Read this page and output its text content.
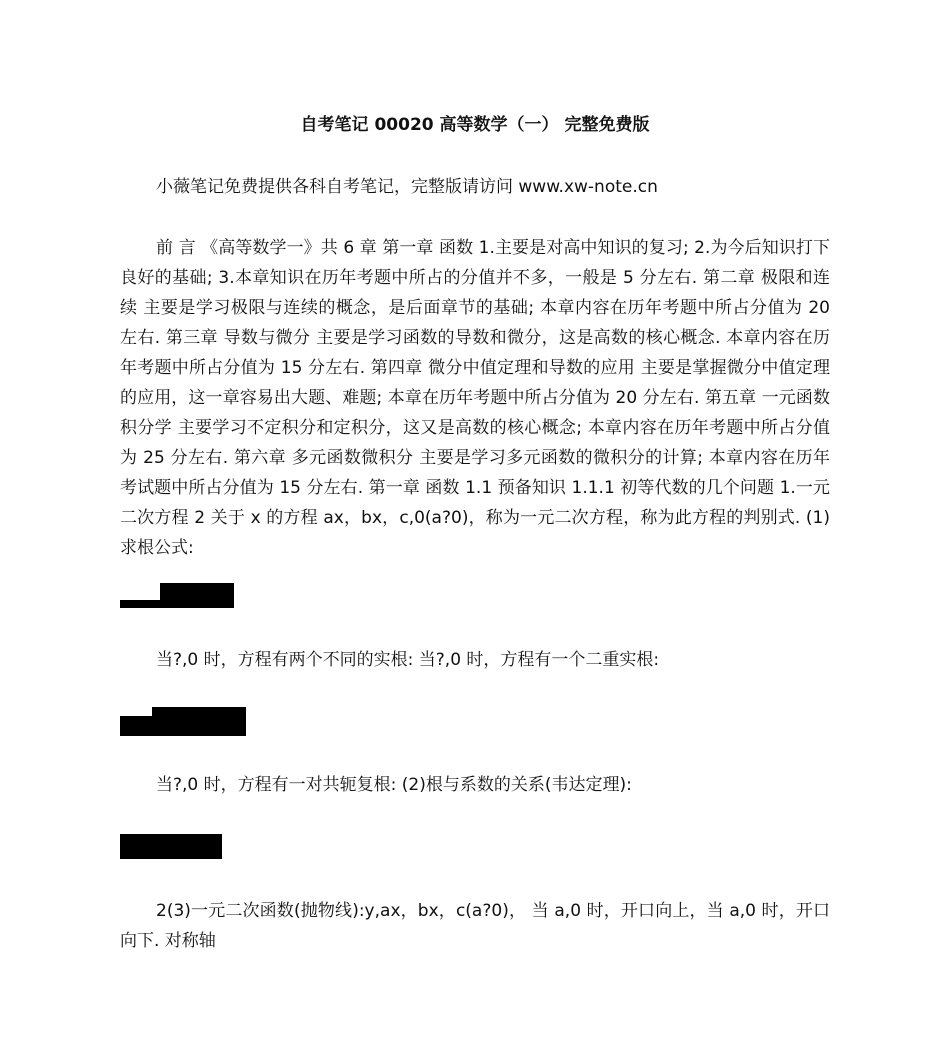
自考笔记 00020 高等数学（一） 完整免费版

小薇笔记免费提供各科自考笔记，完整版请访问 www.xw-note.cn

前 言 《高等数学一》共 6 章 第一章 函数 1.主要是对高中知识的复习; 2.为今后知识打下良好的基础; 3.本章知识在历年考题中所占的分值并不多，一般是 5 分左右. 第二章 极限和连续 主要是学习极限与连续的概念，是后面章节的基础; 本章内容在历年考题中所占分值为 20 左右. 第三章 导数与微分 主要是学习函数的导数和微分，这是高数的核心概念. 本章内容在历年考题中所占分值为 15 分左右. 第四章 微分中值定理和导数的应用 主要是掌握微分中值定理的应用，这一章容易出大题、难题; 本章在历年考题中所占分值为 20 分左右. 第五章 一元函数积分学 主要学习不定积分和定积分，这又是高数的核心概念; 本章内容在历年考题中所占分值为 25 分左右. 第六章 多元函数微积分 主要是学习多元函数的微积分的计算; 本章内容在历年考试题中所占分值为 15 分左右. 第一章 函数 1.1 预备知识 1.1.1 初等代数的几个问题 1.一元二次方程 2 关于 x 的方程 ax，bx，c,0(a?0)，称为一元二次方程，称为此方程的判别式. (1)求根公式:

当?,0 时，方程有两个不同的实根: 当?,0 时，方程有一个二重实根:

当?,0 时，方程有一对共轭复根: (2)根与系数的关系(韦达定理):

2(3)一元二次函数(抛物线):y,ax，bx，c(a?0)， 当 a,0 时，开口向上，当 a,0 时，开口向下. 对称轴
